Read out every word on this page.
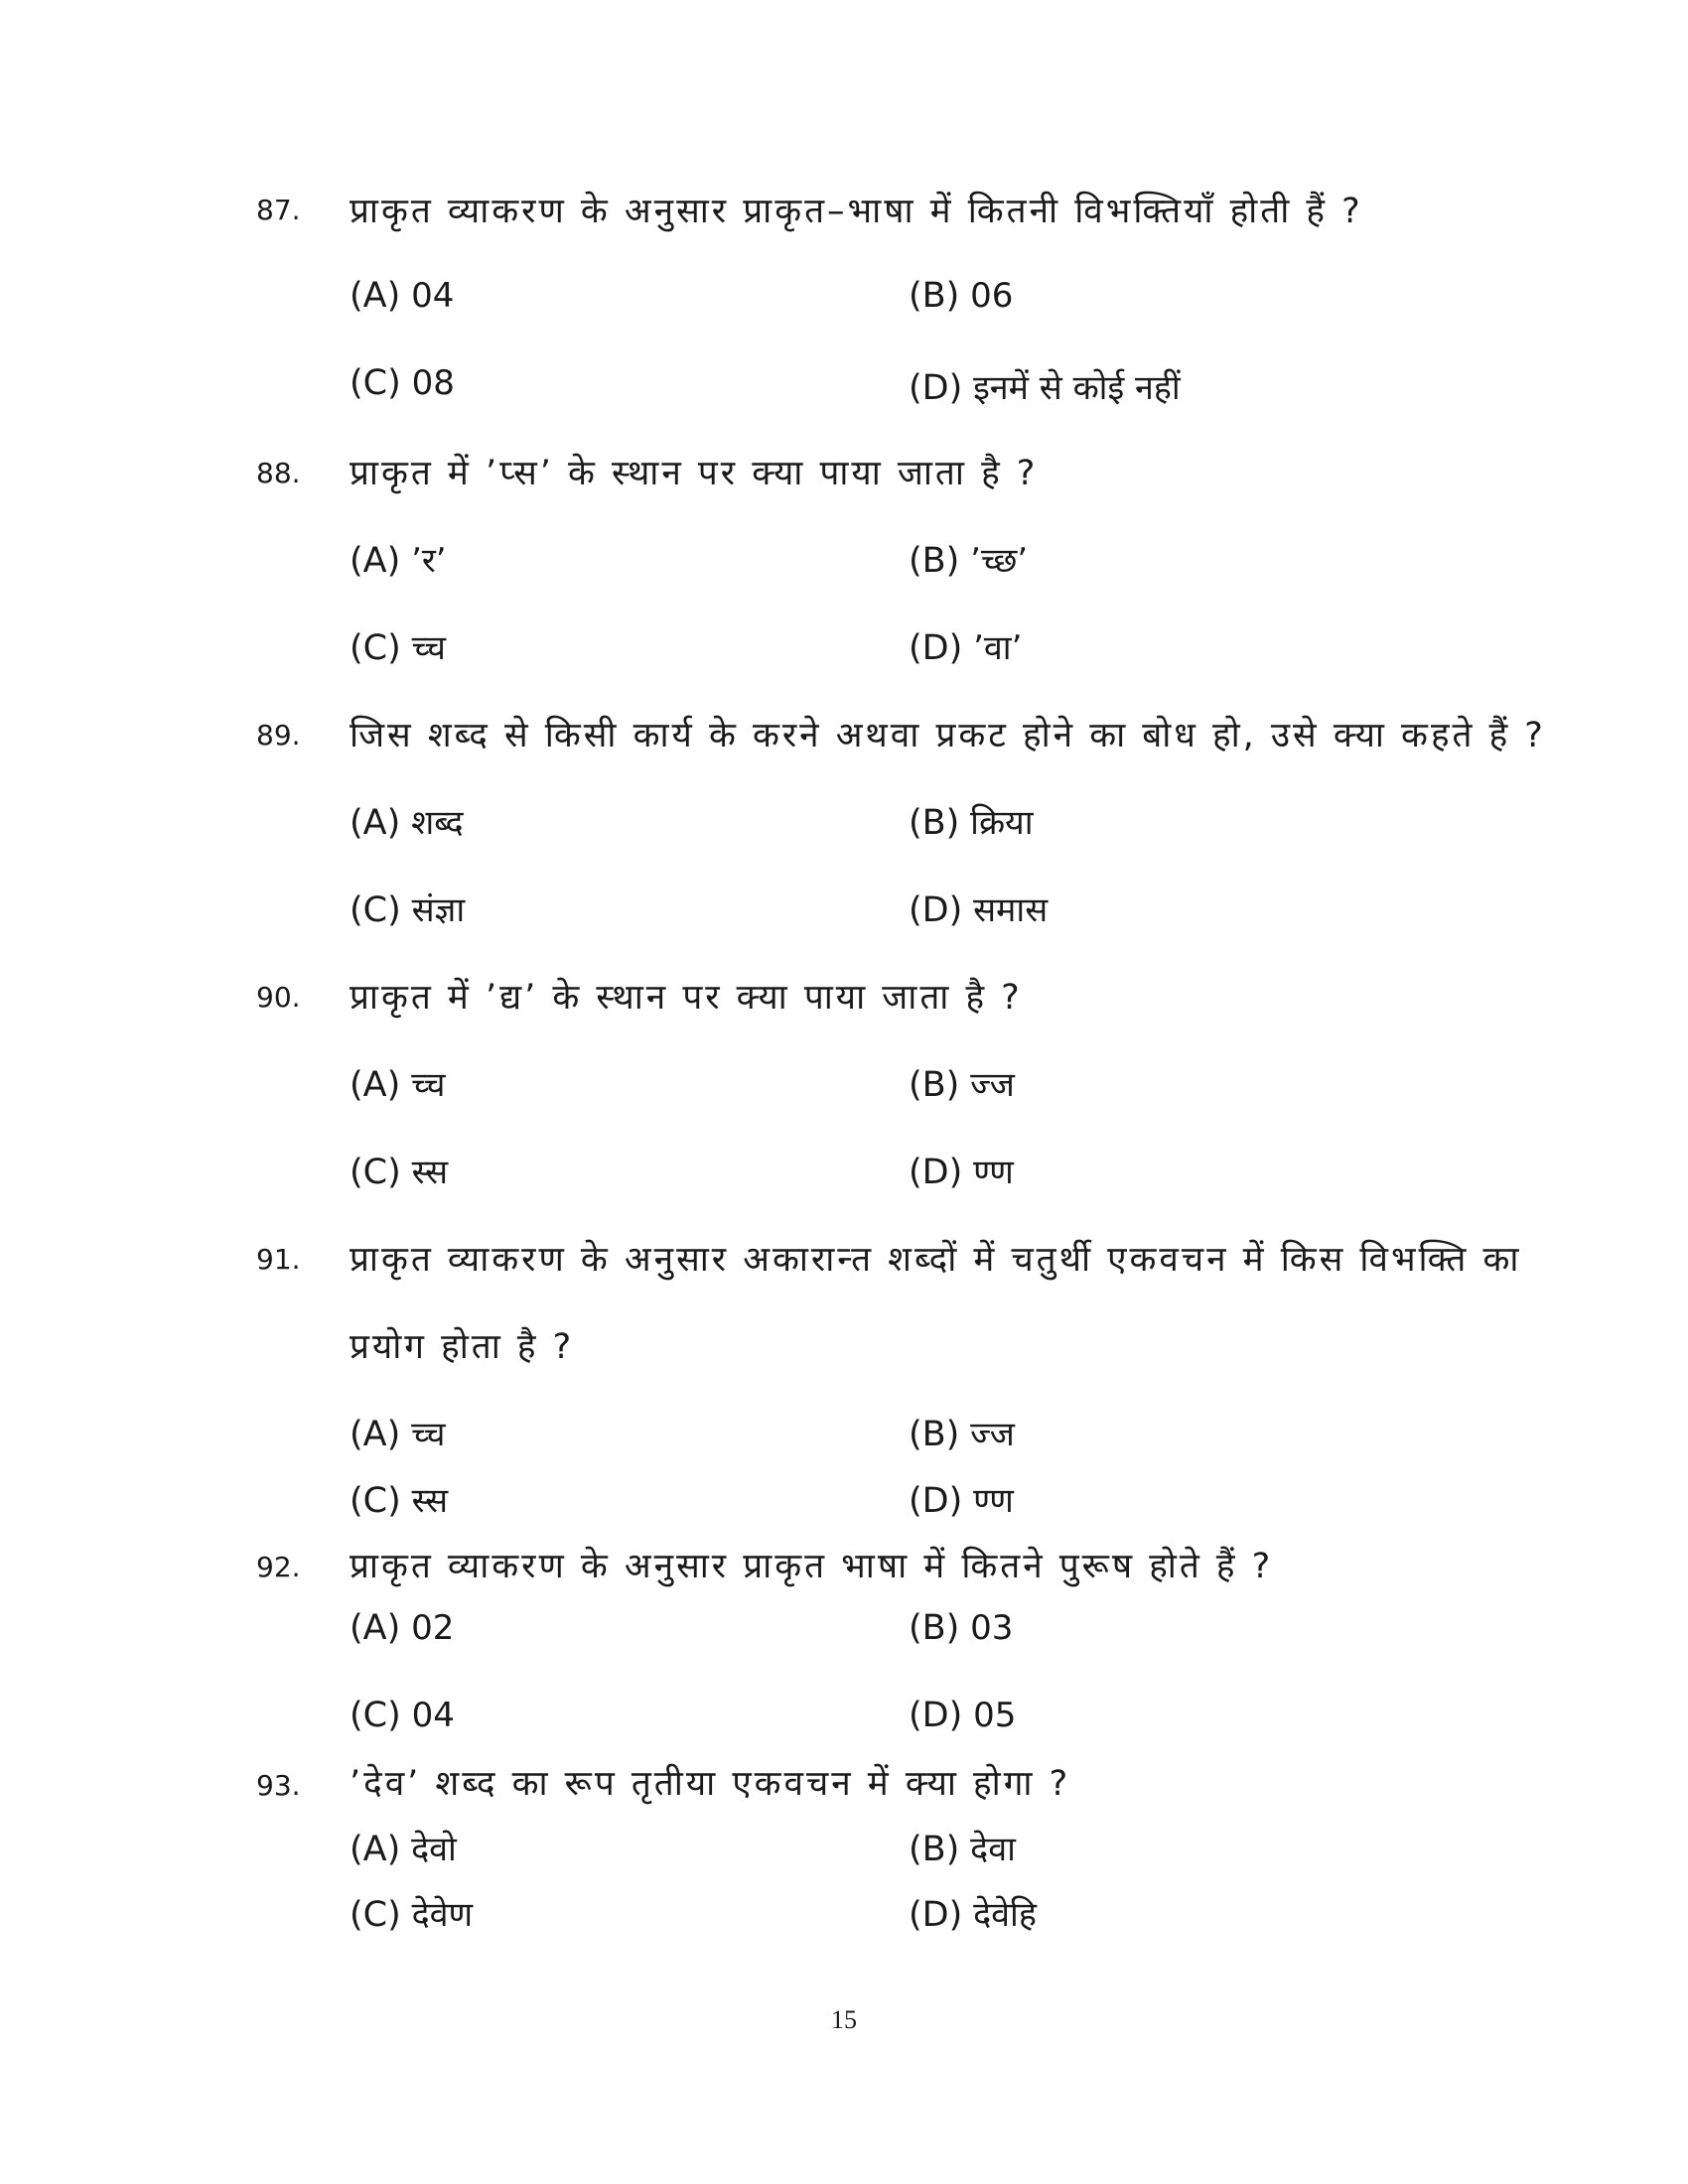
87. प्राकृत व्याकरण के अनुसार प्राकृत–भाषा में कितनी विभक्तियाँ होती हैं ?
(A) 04	(B) 06
(C) 08	(D) इनमें से कोई नहीं
88. प्राकृत में ’प्स’ के स्थान पर क्या पाया जाता है ?
(A) ’र’	(B) ’च्छ’
(C) च्च	(D) ’वा’
89. जिस शब्द से किसी कार्य के करने अथवा प्रकट होने का बोध हो, उसे क्या कहते हैं ?
(A) शब्द	(B) क्रिया
(C) संज्ञा	(D) समास
90. प्राकृत में ’द्य’ के स्थान पर क्या पाया जाता है ?
(A) च्च	(B) ज्ज
(C) स्स	(D) ण्ण
91. प्राकृत व्याकरण के अनुसार अकारान्त शब्दों में चतुर्थी एकवचन में किस विभक्ति का
प्रयोग होता है ?
(A) च्च	(B) ज्ज
(C) स्स	(D) ण्ण
92. प्राकृत व्याकरण के अनुसार प्राकृत भाषा में कितने पुरूष होते हैं ?
(A) 02	(B) 03
(C) 04	(D) 05
93. ’देव’ शब्द का रूप तृतीया एकवचन में क्या होगा ?
(A) देवो	(B) देवा
(C) देवेण	(D) देवेहि
15
